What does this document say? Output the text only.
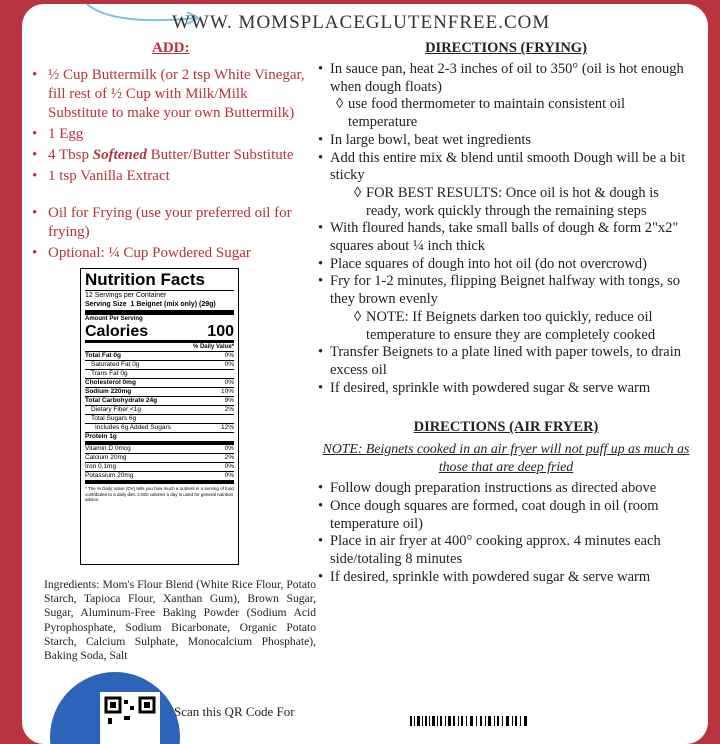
WWW. MOMSPLACEGLUTENFREE.COM
ADD:
• ½ Cup Buttermilk (or 2 tsp White Vinegar, fill rest of ½ Cup with Milk/Milk Substitute to make your own Buttermilk)
• 1 Egg
• 4 Tbsp Softened Butter/Butter Substitute
• 1 tsp Vanilla Extract
• Oil for Frying (use your preferred oil for frying)
• Optional: ¼ Cup Powdered Sugar
Nutrition Facts
12 Servings per Container
Serving Size 1 Beignet (mix only) (29g)
Amount Per Serving
Calories	100
% Daily Value*
Total Fat 0g	0%
Saturated Fat 0g	0%
Trans Fat 0g
Cholesterol 0mg	0%
Sodium 220mg	10%
Total Carbohydrate 24g	9%
Dietary Fiber <1g	2%
Total Sugars 6g
Includes 6g Added Sugars	12%
Protein 1g
Vitamin D 0mcg	0%
Calcium 20mg	2%
Iron 0.1mg	0%
Potassium 20mg	0%
* The % Daily Value (DV) tells you how much a nutrient in a serving of food contributes to a daily diet. 2,000 calories a day is used for general nutrition advice.
Ingredients: Mom's Flour Blend (White Rice Flour, Potato Starch, Tapioca Flour, Xanthan Gum), Brown Sugar, Sugar, Aluminum-Free Baking Powder (Sodium Acid Pyrophosphate, Sodium Bicarbonate, Organic Potato Starch, Calcium Sulphate, Monocalcium Phosphate), Baking Soda, Salt
Scan this QR Code For
DIRECTIONS (FRYING)
• In sauce pan, heat 2-3 inches of oil to 350° (oil is hot enough when dough floats)
◊ use food thermometer to maintain consistent oil temperature
• In large bowl, beat wet ingredients
• Add this entire mix & blend until smooth Dough will be a bit sticky
◊ FOR BEST RESULTS: Once oil is hot & dough is ready, work quickly through the remaining steps
• With floured hands, take small balls of dough & form 2"x2" squares about ¼ inch thick
• Place squares of dough into hot oil (do not overcrowd)
• Fry for 1-2 minutes, flipping Beignet halfway with tongs, so they brown evenly
◊ NOTE: If Beignets darken too quickly, reduce oil temperature to ensure they are completely cooked
• Transfer Beignets to a plate lined with paper towels, to drain excess oil
• If desired, sprinkle with powdered sugar & serve warm
DIRECTIONS (AIR FRYER)
NOTE: Beignets cooked in an air fryer will not puff up as much as those that are deep fried
• Follow dough preparation instructions as directed above
• Once dough squares are formed, coat dough in oil (room temperature oil)
• Place in air fryer at 400° cooking approx. 4 minutes each side/totaling 8 minutes
• If desired, sprinkle with powdered sugar & serve warm
